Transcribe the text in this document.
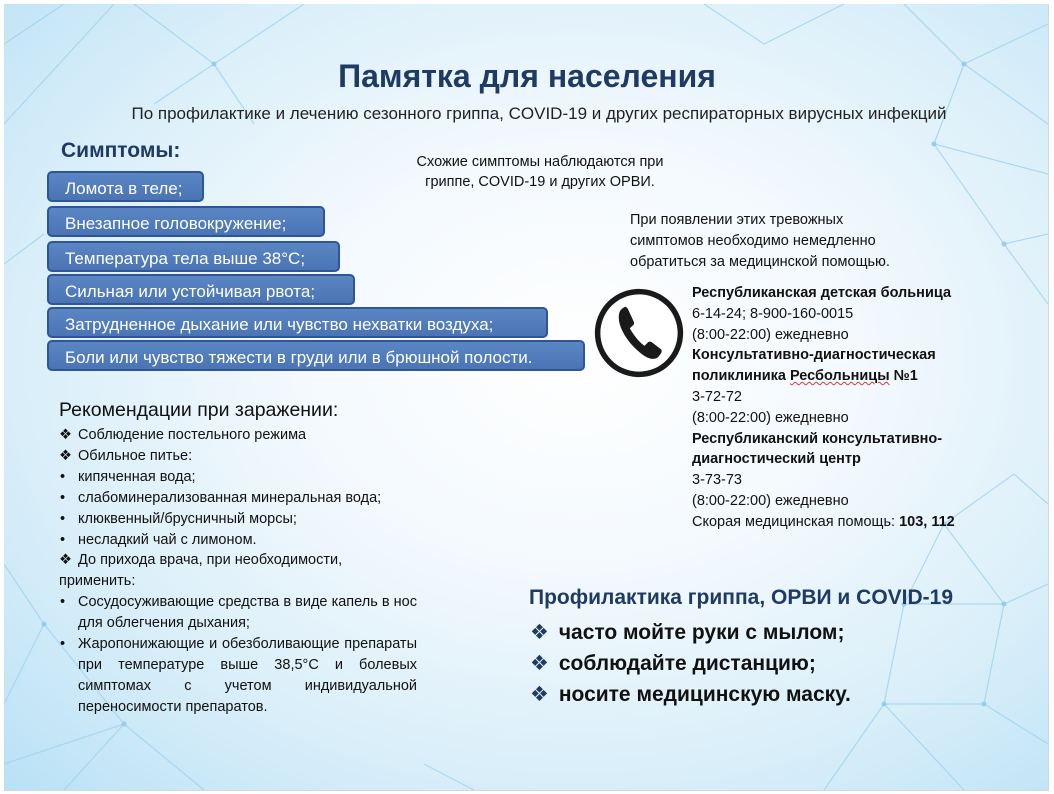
Памятка для населения
По профилактике и лечению сезонного гриппа, COVID-19 и других респираторных вирусных инфекций
Симптомы:
Ломота в теле;
Внезапное головокружение;
Температура тела выше 38°С;
Сильная или устойчивая рвота;
Затрудненное дыхание или чувство нехватки воздуха;
Боли или чувство тяжести в груди или в брюшной полости.
Схожие симптомы наблюдаются при
гриппе, COVID-19 и других ОРВИ.
При появлении этих тревожных
симптомов необходимо немедленно
обратиться за медицинской помощью.
Республиканская детская больница
6-14-24; 8-900-160-0015
(8:00-22:00) ежедневно
Консультативно-диагностическая
поликлиника Ресбольницы №1
3-72-72
(8:00-22:00) ежедневно
Республиканский консультативно-
диагностический центр
3-73-73
(8:00-22:00) ежедневно
Скорая медицинская помощь: 103, 112
Рекомендации при заражении:
❖ Соблюдение постельного режима
❖ Обильное питье:
• кипяченная вода;
• слабоминерализованная минеральная вода;
• клюквенный/брусничный морсы;
• несладкий чай с лимоном.
❖ До прихода врача, при необходимости,
применить:
• Сосудосуживающие средства в виде капель в нос для облегчения дыхания;
• Жаропонижающие и обезболивающие препараты при температуре выше 38,5°С и болевых симптомах с учетом индивидуальной переносимости препаратов.
Профилактика гриппа, ОРВИ и COVID-19
❖ часто мойте руки с мылом;
❖ соблюдайте дистанцию;
❖ носите медицинскую маску.
